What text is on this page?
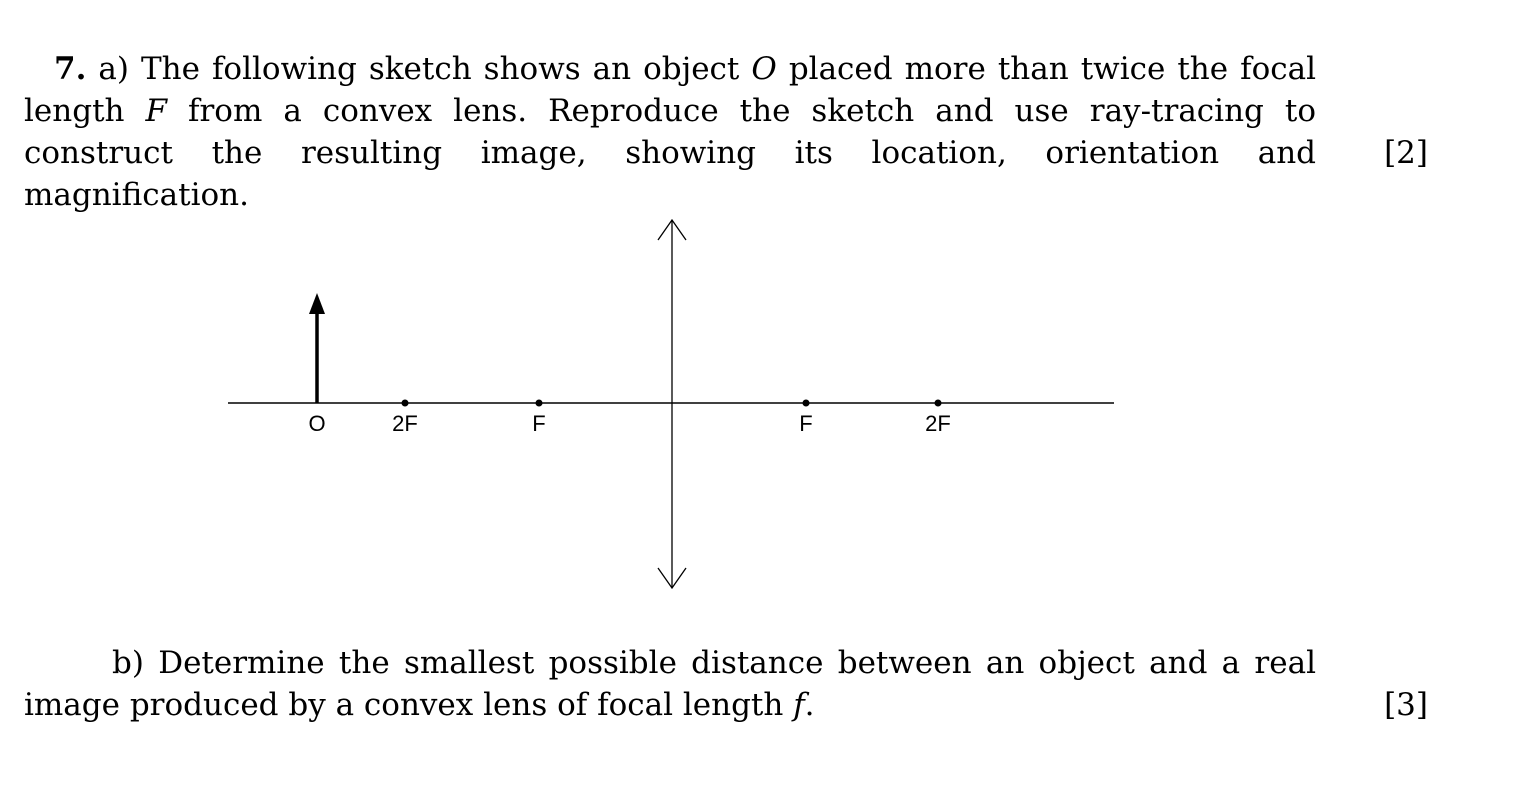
7. a) The following sketch shows an object O placed more than twice the focal length F from a convex lens. Reproduce the sketch and use ray-tracing to construct the resulting image, showing its location, orientation and magnification.
[2]
O	2F	F	F	2F
b) Determine the smallest possible distance between an object and a real image produced by a convex lens of focal length f.	[3]
